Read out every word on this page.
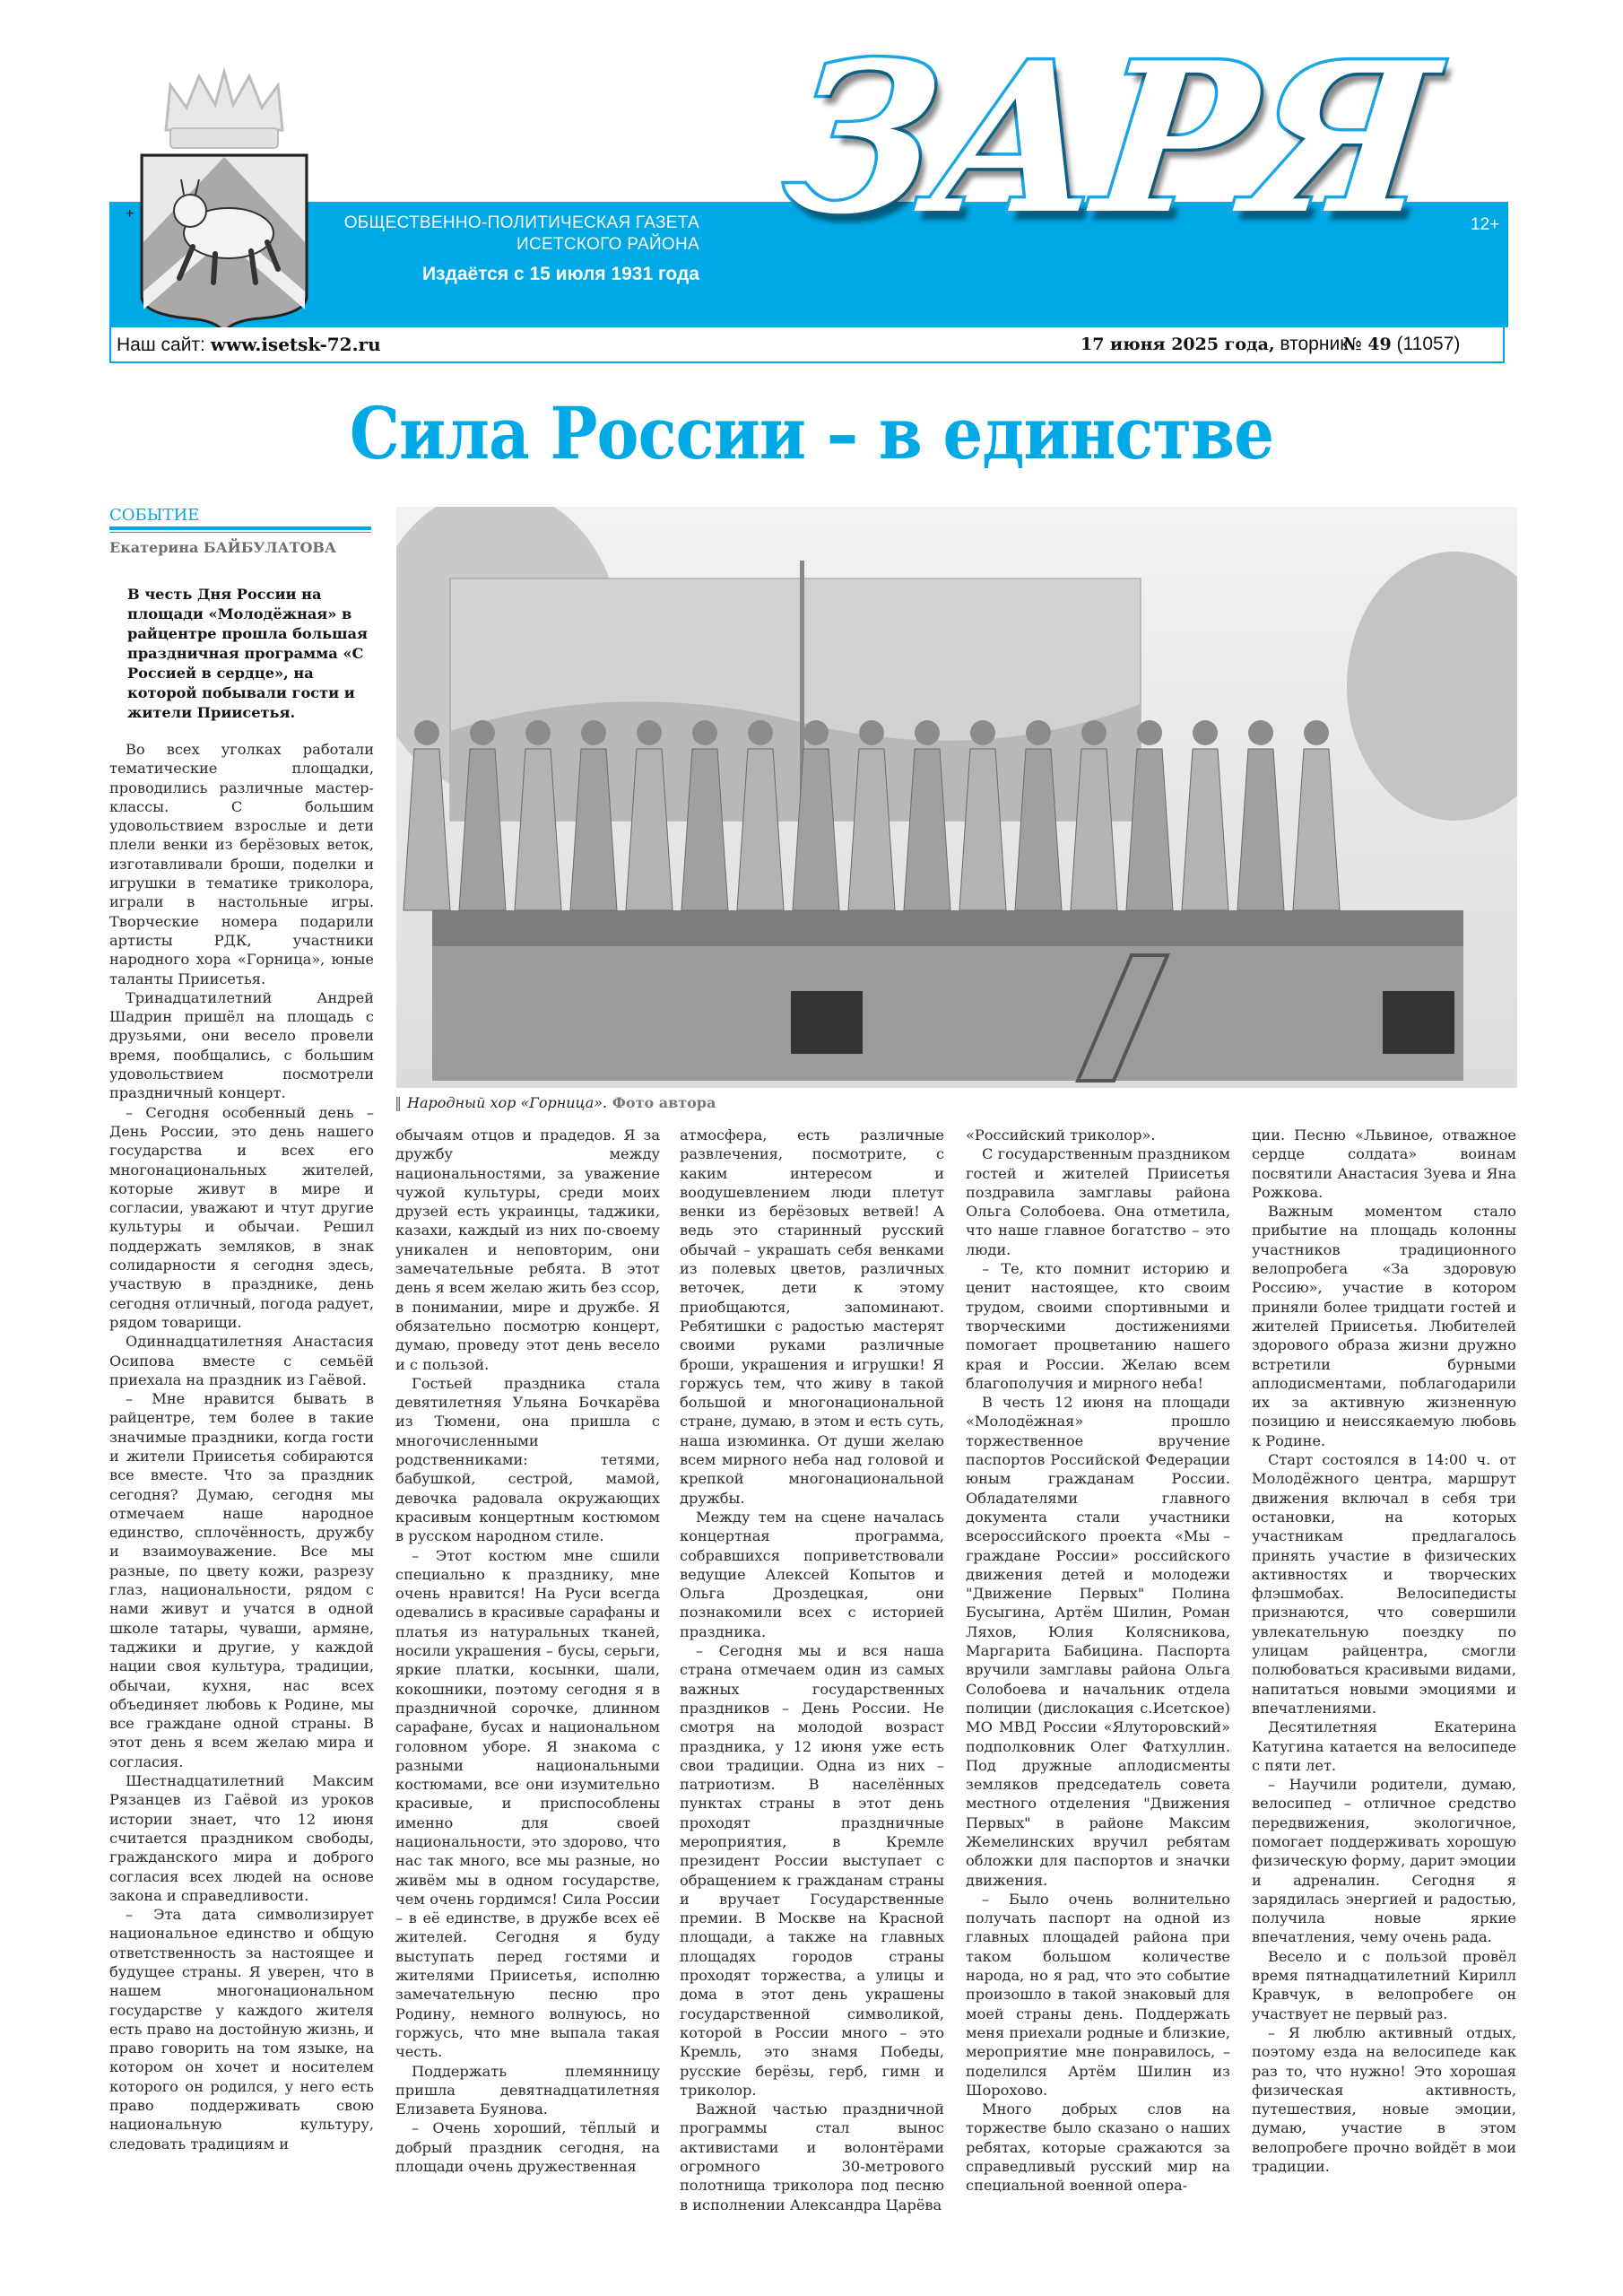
+	ОБЩЕСТВЕННО-ПОЛИТИЧЕСКАЯ ГАЗЕТА
ИСЕТСКОГО РАЙОНА
Издаётся с 15 июля 1931 года
ЗАРЯ 12+
Наш сайт: www.isetsk-72.ru	17 июня 2025 года, вторник
№ 49 (11057)
Сила России – в единстве
СОБЫТИЕ
Екатерина БАЙБУЛАТОВА
В честь Дня России на площади «Молодёжная» в райцентре прошла большая праздничная программа «С Россией в сердце», на которой побывали гости и жители Приисетья.
‖ Народный хор «Горница». Фото автора

Во всех уголках работали тематические площадки, проводились различные мастер-классы. С большим удовольствием взрослые и дети плели венки из берёзовых веток, изготавливали броши, поделки и игрушки в тематике триколора, играли в настольные игры. Творческие номера подарили артисты РДК, участники народного хора «Горница», юные таланты Приисетья.

Тринадцатилетний Андрей Шадрин пришёл на площадь с друзьями, они весело провели время, пообщались, с большим удовольствием посмотрели праздничный концерт.

– Сегодня особенный день – День России, это день нашего государства и всех его многонациональных жителей, которые живут в мире и согласии, уважают и чтут другие культуры и обычаи. Решил поддержать земляков, в знак солидарности я сегодня здесь, участвую в празднике, день сегодня отличный, погода радует, рядом товарищи.

Одиннадцатилетняя Анастасия Осипова вместе с семьёй приехала на праздник из Гаёвой.

– Мне нравится бывать в райцентре, тем более в такие значимые праздники, когда гости и жители Приисетья собираются все вместе. Что за праздник сегодня? Думаю, сегодня мы отмечаем наше народное единство, сплочённость, дружбу и взаимоуважение. Все мы разные, по цвету кожи, разрезу глаз, национальности, рядом с нами живут и учатся в одной школе татары, чуваши, армяне, таджики и другие, у каждой нации своя культура, традиции, обычаи, кухня, нас всех объединяет любовь к Родине, мы все граждане одной страны. В этот день я всем желаю мира и согласия.

Шестнадцатилетний Максим Рязанцев из Гаёвой из уроков истории знает, что 12 июня считается праздником свободы, гражданского мира и доброго согласия всех людей на основе закона и справедливости.

– Эта дата символизирует национальное единство и общую ответственность за настоящее и будущее страны. Я уверен, что в нашем многонациональном государстве у каждого жителя есть право на достойную жизнь, и право говорить на том языке, на котором он хочет и носителем которого он родился, у него есть право поддерживать свою национальную культуру, следовать традициям и

обычаям отцов и прадедов. Я за дружбу между национальностями, за уважение чужой культуры, среди моих друзей есть украинцы, таджики, казахи, каждый из них по-своему уникален и неповторим, они замечательные ребята. В этот день я всем желаю жить без ссор, в понимании, мире и дружбе. Я обязательно посмотрю концерт, думаю, проведу этот день весело и с пользой.

Гостьей праздника стала девятилетняя Ульяна Бочкарёва из Тюмени, она пришла с многочисленными родственниками: тетями, бабушкой, сестрой, мамой, девочка радовала окружающих красивым концертным костюмом в русском народном стиле.

– Этот костюм мне сшили специально к празднику, мне очень нравится! На Руси всегда одевались в красивые сарафаны и платья из натуральных тканей, носили украшения – бусы, серьги, яркие платки, косынки, шали, кокошники, поэтому сегодня я в праздничной сорочке, длинном сарафане, бусах и национальном головном уборе. Я знакома с разными национальными костюмами, все они изумительно красивые, и приспособлены именно для своей национальности, это здорово, что нас так много, все мы разные, но живём мы в одном государстве, чем очень гордимся! Сила России – в её единстве, в дружбе всех её жителей. Сегодня я буду выступать перед гостями и жителями Приисетья, исполню замечательную песню про Родину, немного волнуюсь, но горжусь, что мне выпала такая честь.

Поддержать племянницу пришла девятнадцатилетняя Елизавета Буянова.

– Очень хороший, тёплый и добрый праздник сегодня, на площади очень дружественная

атмосфера, есть различные развлечения, посмотрите, с каким интересом и воодушевлением люди плетут венки из берёзовых ветвей! А ведь это старинный русский обычай – украшать себя венками из полевых цветов, различных веточек, дети к этому приобщаются, запоминают. Ребятишки с радостью мастерят своими руками различные броши, украшения и игрушки! Я горжусь тем, что живу в такой большой и многонациональной стране, думаю, в этом и есть суть, наша изюминка. От души желаю всем мирного неба над головой и крепкой многонациональной дружбы.

Между тем на сцене началась концертная программа, собравшихся поприветствовали ведущие Алексей Копытов и Ольга Дроздецкая, они познакомили всех с историей праздника.

– Сегодня мы и вся наша страна отмечаем один из самых важных государственных праздников – День России. Не смотря на молодой возраст праздника, у 12 июня уже есть свои традиции. Одна из них – патриотизм. В населённых пунктах страны в этот день проходят праздничные мероприятия, в Кремле президент России выступает с обращением к гражданам страны и вручает Государственные премии. В Москве на Красной площади, а также на главных площадях городов страны проходят торжества, а улицы и дома в этот день украшены государственной символикой, которой в России много – это Кремль, это знамя Победы, русские берёзы, герб, гимн и триколор.

Важной частью праздничной программы стал вынос активистами и волонтёрами огромного 30-метрового полотнища триколора под песню в исполнении Александра Царёва

«Российский триколор».

С государственным праздником гостей и жителей Приисетья поздравила замглавы района Ольга Солобоева. Она отметила, что наше главное богатство – это люди.

– Те, кто помнит историю и ценит настоящее, кто своим трудом, своими спортивными и творческими достижениями помогает процветанию нашего края и России. Желаю всем благополучия и мирного неба!

В честь 12 июня на площади «Молодёжная» прошло торжественное вручение паспортов Российской Федерации юным гражданам России. Обладателями главного документа стали участники всероссийского проекта «Мы – граждане России» российского движения детей и молодежи "Движение Первых" Полина Бусыгина, Артём Шилин, Роман Ляхов, Юлия Колясникова, Маргарита Бабицина. Паспорта вручили замглавы района Ольга Солобоева и начальник отдела полиции (дислокация с.Исетское) МО МВД России «Ялуторовский» подполковник Олег Фатхуллин. Под дружные аплодисменты земляков председатель совета местного отделения "Движения Первых" в районе Максим Жемелинских вручил ребятам обложки для паспортов и значки движения.

– Было очень волнительно получать паспорт на одной из главных площадей района при таком большом количестве народа, но я рад, что это событие произошло в такой знаковый для моей страны день. Поддержать меня приехали родные и близкие, мероприятие мне понравилось, – поделился Артём Шилин из Шорохово.

Много добрых слов на торжестве было сказано о наших ребятах, которые сражаются за справедливый русский мир на специальной военной опера-

ции. Песню «Львиное, отважное сердце солдата» воинам посвятили Анастасия Зуева и Яна Рожкова.

Важным моментом стало прибытие на площадь колонны участников традиционного велопробега «За здоровую Россию», участие в котором приняли более тридцати гостей и жителей Приисетья. Любителей здорового образа жизни дружно встретили бурными аплодисментами, поблагодарили их за активную жизненную позицию и неиссякаемую любовь к Родине.

Старт состоялся в 14:00 ч. от Молодёжного центра, маршрут движения включал в себя три остановки, на которых участникам предлагалось принять участие в физических активностях и творческих флэшмобах. Велосипедисты признаются, что совершили увлекательную поездку по улицам райцентра, смогли полюбоваться красивыми видами, напитаться новыми эмоциями и впечатлениями.

Десятилетняя Екатерина Катугина катается на велосипеде с пяти лет.

– Научили родители, думаю, велосипед – отличное средство передвижения, экологичное, помогает поддерживать хорошую физическую форму, дарит эмоции и адреналин. Сегодня я зарядилась энергией и радостью, получила новые яркие впечатления, чему очень рада.

Весело и с пользой провёл время пятнадцатилетний Кирилл Кравчук, в велопробеге он участвует не первый раз.

– Я люблю активный отдых, поэтому езда на велосипеде как раз то, что нужно! Это хорошая физическая активность, путешествия, новые эмоции, думаю, участие в этом велопробеге прочно войдёт в мои традиции.
